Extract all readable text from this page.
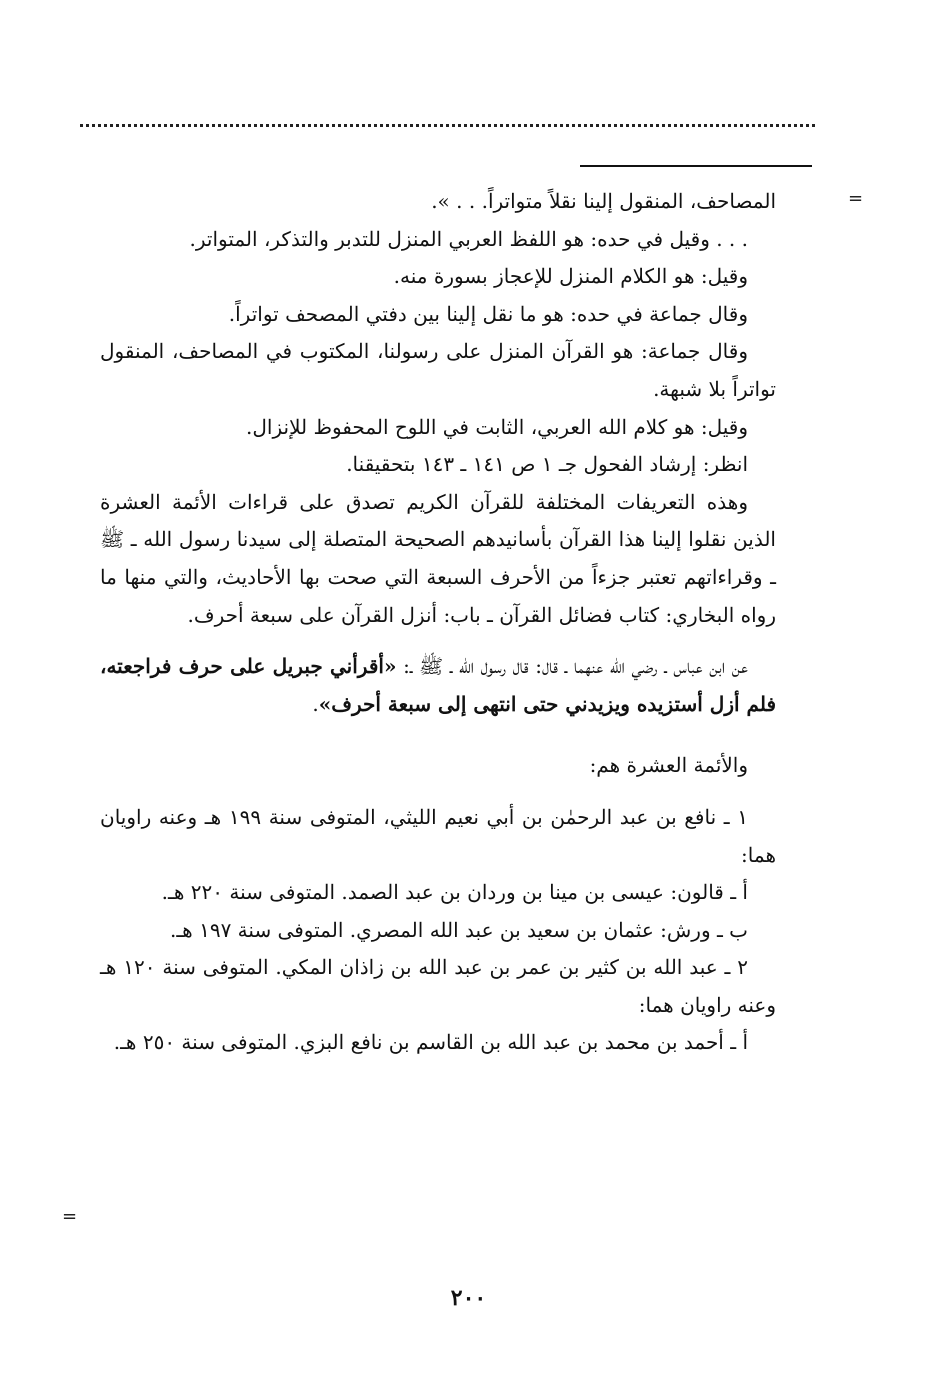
=
=

المصاحف، المنقول إلينا نقلاً متواتراً. . . ».

. . . وقيل في حده: هو اللفظ العربي المنزل للتدبر والتذكر، المتواتر.

وقيل: هو الكلام المنزل للإعجاز بسورة منه.

وقال جماعة في حده: هو ما نقل إلينا بين دفتي المصحف تواتراً.

وقال جماعة: هو القرآن المنزل على رسولنا، المكتوب في المصاحف، المنقول تواتراً بلا شبهة.

وقيل: هو كلام الله العربي، الثابت في اللوح المحفوظ للإنزال.

انظر: إرشاد الفحول جـ ١ ص ١٤١ ـ ١٤٣ بتحقيقنا.

وهذه التعريفات المختلفة للقرآن الكريم تصدق على قراءات الأئمة العشرة الذين نقلوا إلينا هذا القرآن بأسانيدهم الصحيحة المتصلة إلى سيدنا رسول الله ـ ﷺ ـ وقراءاتهم تعتبر جزءاً من الأحرف السبعة التي صحت بها الأحاديث، والتي منها ما رواه البخاري: كتاب فضائل القرآن ـ باب: أنزل القرآن على سبعة أحرف.

عن ابن عباس ـ رضي الله عنهما ـ قال: قال رسول الله ـ ﷺ ـ: «أقرأني جبريل على حرف فراجعته، فلم أزل أستزيده ويزيدني حتى انتهى إلى سبعة أحرف».

والأئمة العشرة هم:

١ ـ نافع بن عبد الرحمٰن بن أبي نعيم الليثي، المتوفى سنة ١٩٩ هـ وعنه راويان هما:

أ ـ قالون: عيسى بن مينا بن وردان بن عبد الصمد. المتوفى سنة ٢٢٠ هـ.

ب ـ ورش: عثمان بن سعيد بن عبد الله المصري. المتوفى سنة ١٩٧ هـ.

٢ ـ عبد الله بن كثير بن عمر بن عبد الله بن زاذان المكي. المتوفى سنة ١٢٠ هـ وعنه راويان هما:

أ ـ أحمد بن محمد بن عبد الله بن القاسم بن نافع البزي. المتوفى سنة ٢٥٠ هـ.

٢٠٠
